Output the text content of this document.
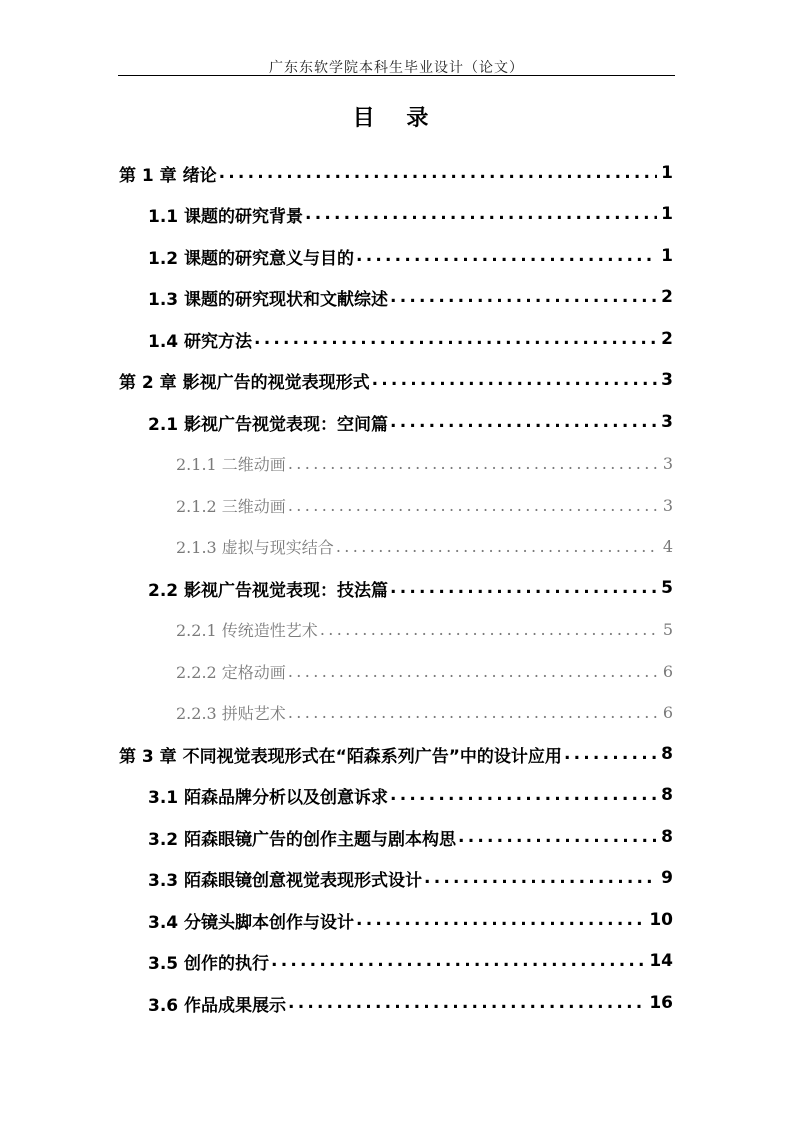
广东东软学院本科生毕业设计（论文）
目 录
第 1 章 绪论 .....	1
1.1 课题的研究背景 .....	1
1.2 课题的研究意义与目的 .....	1
1.3 课题的研究现状和文献综述 .....	2
1.4 研究方法 .....	2
第 2 章 影视广告的视觉表现形式 .....	3
2.1 影视广告视觉表现：空间篇 .....	3
2.1.1 二维动画 .....	3
2.1.2 三维动画 .....	3
2.1.3 虚拟与现实结合 .....	4
2.2 影视广告视觉表现：技法篇 .....	5
2.2.1 传统造性艺术 .....	5
2.2.2 定格动画 .....	6
2.2.3 拼贴艺术 .....	6
第 3 章 不同视觉表现形式在“陌森系列广告”中的设计应用 .....	8
3.1 陌森品牌分析以及创意诉求 .....	8
3.2 陌森眼镜广告的创作主题与剧本构思 .....	8
3.3 陌森眼镜创意视觉表现形式设计 .....	9
3.4 分镜头脚本创作与设计 .....	10
3.5 创作的执行 .....	14
3.6 作品成果展示 .....	16
